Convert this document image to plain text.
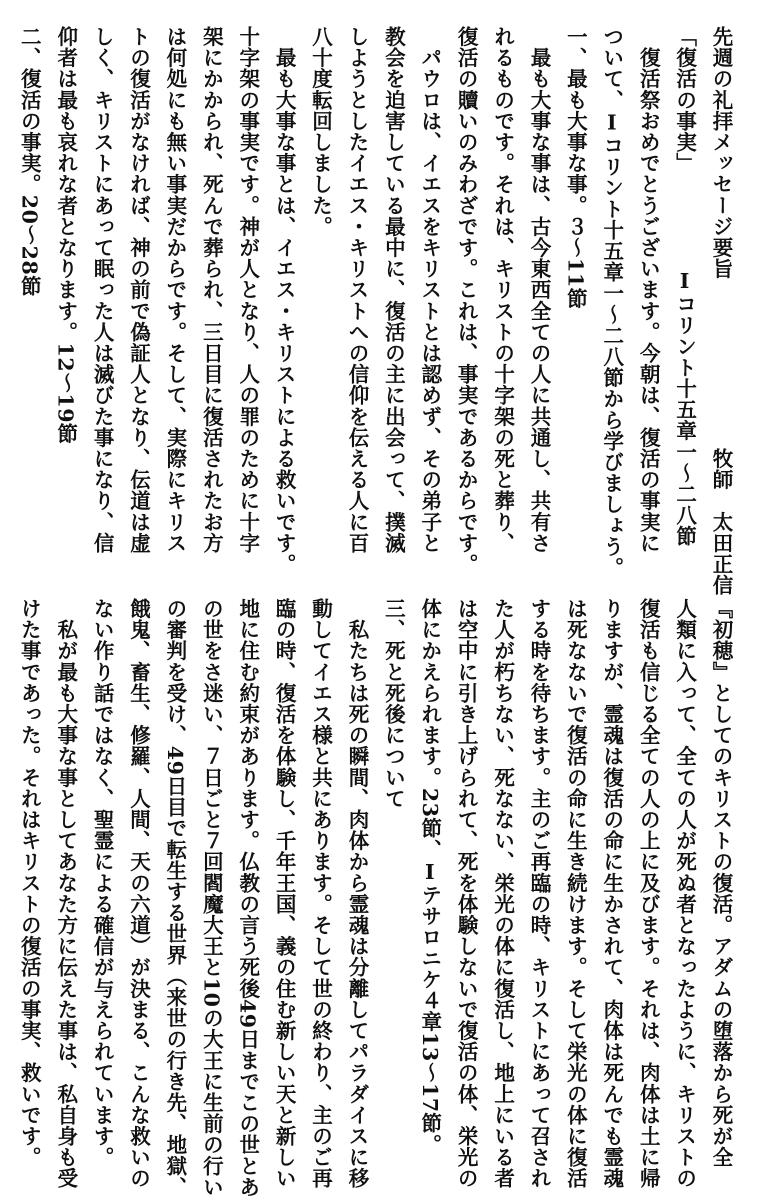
先週の礼拝メッセージ要旨　　　　　　　　牧師　太田正信
「復活の事実」　　　　　Ⅰコリント十五章一～二八節
　復活祭おめでとうございます。今朝は、復活の事実に
ついて、Ⅰコリント十五章一～二八節から学びましょう。
一、最も大事な事。３～11節
　最も大事な事は、古今東西全ての人に共通し、共有さ
れるものです。それは、キリストの十字架の死と葬り、
復活の贖いのみわざです。これは、事実であるからです。
　パウロは、イエスをキリストとは認めず、その弟子と
教会を迫害している最中に、復活の主に出会って、撲滅
しようとしたイエス・キリストへの信仰を伝える人に百
八十度転回しました。
　最も大事な事とは、イエス・キリストによる救いです。
十字架の事実です。神が人となり、人の罪のために十字
架にかかられ、死んで葬られ、三日目に復活されたお方
は何処にも無い事実だからです。そして、実際にキリス
トの復活がなければ、神の前で偽証人となり、伝道は虚
しく、キリストにあって眠った人は滅びた事になり、信
仰者は最も哀れな者となります。12～19節
二、復活の事実。20～28節
『初穂』としてのキリストの復活。アダムの堕落から死が全
人類に入って、全ての人が死ぬ者となったように、キリストの
復活も信じる全ての人の上に及びます。それは、肉体は土に帰
りますが、霊魂は復活の命に生かされて、肉体は死んでも霊魂
は死なないで復活の命に生き続けます。そして栄光の体に復活
する時を待ちます。主のご再臨の時、キリストにあって召され
た人が朽ちない、死なない、栄光の体に復活し、地上にいる者
は空中に引き上げられて、死を体験しないで復活の体、栄光の
体にかえられます。23節、Ⅰテサロニケ４章13～17節。
三、死と死後について
　私たちは死の瞬間、肉体から霊魂は分離してパラダイスに移
動してイエス様と共にあります。そして世の終わり、主のご再
臨の時、復活を体験し、千年王国、義の住む新しい天と新しい
地に住む約束があります。仏教の言う死後49日までこの世とあ
の世をさ迷い、７日ごと７回閻魔大王と10の大王に生前の行い
の審判を受け、49日目で転生する世界（来世の行き先、地獄、
餓鬼、畜生、修羅、人間、天の六道）が決まる、こんな救いの
ない作り話ではなく、聖霊による確信が与えられています。
　私が最も大事な事としてあなた方に伝えた事は、私自身も受
けた事であった。それはキリストの復活の事実、救いです。
